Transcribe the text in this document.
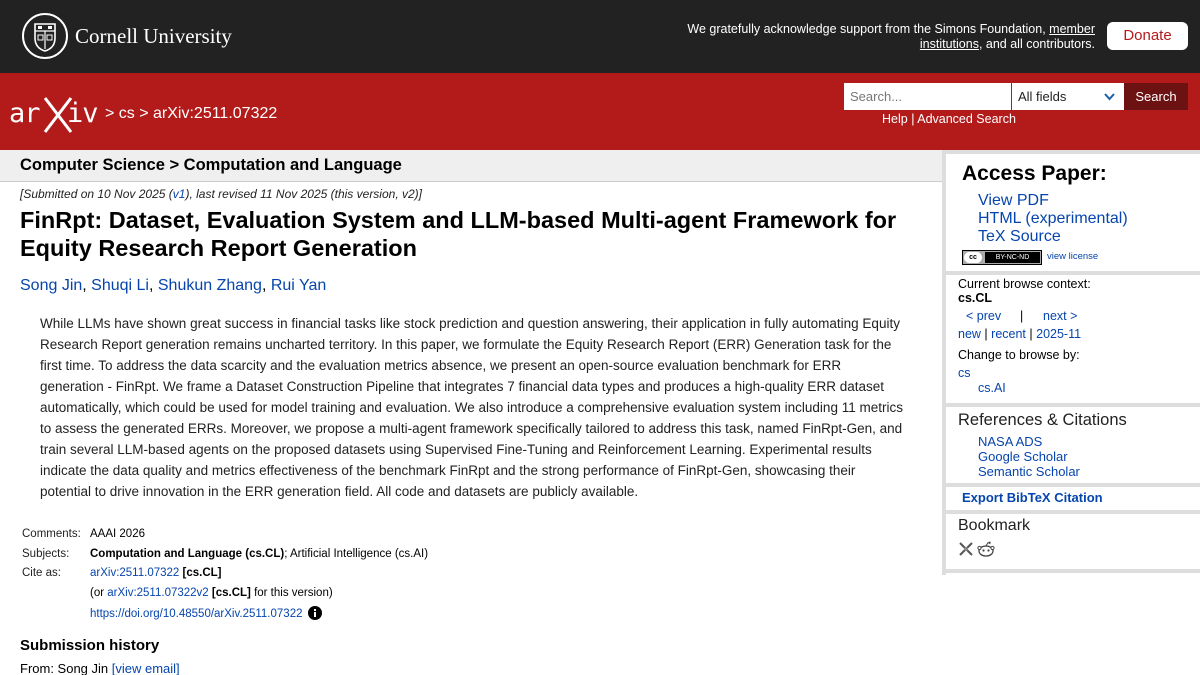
Cornell University	We gratefully acknowledge support from the Simons Foundation, member institutions, and all contributors.	Donate
ar iv > cs > arXiv:2511.07322
Search...
All fields	Search
Help | Advanced Search
Computer Science > Computation and Language
[Submitted on 10 Nov 2025 (v1), last revised 11 Nov 2025 (this version, v2)]
FinRpt: Dataset, Evaluation System and LLM-based Multi-agent Framework for Equity Research Report Generation
Song Jin, Shuqi Li, Shukun Zhang, Rui Yan
While LLMs have shown great success in financial tasks like stock prediction and question answering, their application in fully automating Equity Research Report generation remains uncharted territory. In this paper, we formulate the Equity Research Report (ERR) Generation task for the first time. To address the data scarcity and the evaluation metrics absence, we present an open-source evaluation benchmark for ERR generation - FinRpt. We frame a Dataset Construction Pipeline that integrates 7 financial data types and produces a high-quality ERR dataset automatically, which could be used for model training and evaluation. We also introduce a comprehensive evaluation system including 11 metrics to assess the generated ERRs. Moreover, we propose a multi-agent framework specifically tailored to address this task, named FinRpt-Gen, and train several LLM-based agents on the proposed datasets using Supervised Fine-Tuning and Reinforcement Learning. Experimental results indicate the data quality and metrics effectiveness of the benchmark FinRpt and the strong performance of FinRpt-Gen, showcasing their potential to drive innovation in the ERR generation field. All code and datasets are publicly available.
Comments: AAAI 2026
Subjects: Computation and Language (cs.CL); Artificial Intelligence (cs.AI)
Cite as:	arXiv:2511.07322 [cs.CL]
(or arXiv:2511.07322v2 [cs.CL] for this version)
https://doi.org/10.48550/arXiv.2511.07322
Submission history
From: Song Jin [view email]
Access Paper:
View PDF
HTML (experimental)
TeX Source
cc	BY-NC-ND	view license
Current browse context:
cs.CL
< prev | next >
new | recent | 2025-11
Change to browse by:
cs
cs.AI
References & Citations
NASA ADS
Google Scholar
Semantic Scholar
Export BibTeX Citation
Bookmark
